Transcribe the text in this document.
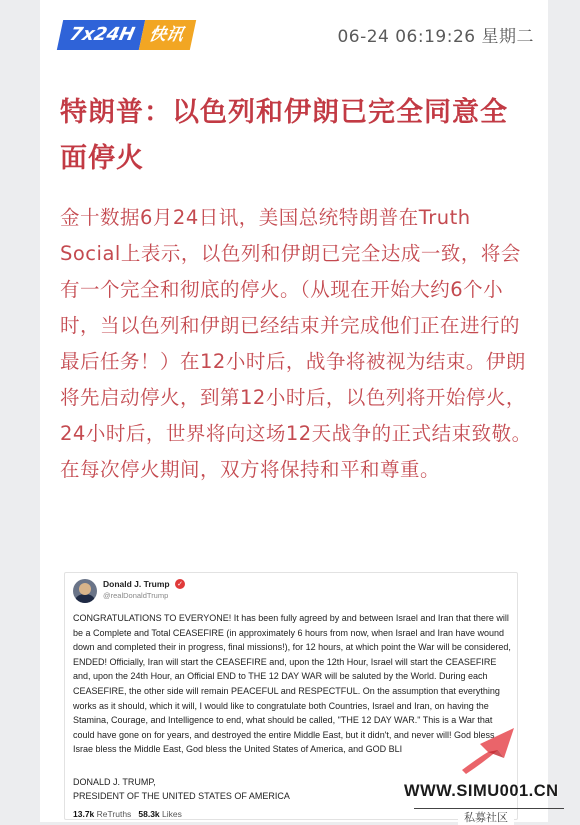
7x24H 快讯	06-24 06:19:26 星期二
特朗普：以色列和伊朗已完全同意全面停火

金十数据6月24日讯，美国总统特朗普在Truth Social上表示，以色列和伊朗已完全达成一致，将会有一个完全和彻底的停火。（从现在开始大约6个小时，当以色列和伊朗已经结束并完成他们正在进行的最后任务！）在12小时后，战争将被视为结束。伊朗将先启动停火，到第12小时后，以色列将开始停火，24小时后，世界将向这场12天战争的正式结束致敬。在每次停火期间，双方将保持和平和尊重。

Donald J. Trump ✓
@realDonaldTrump

CONGRATULATIONS TO EVERYONE! It has been fully agreed by and between Israel and Iran that there will be a Complete and Total CEASEFIRE (in approximately 6 hours from now, when Israel and Iran have wound down and completed their in progress, final missions!), for 12 hours, at which point the War will be considered, ENDED! Officially, Iran will start the CEASEFIRE and, upon the 12th Hour, Israel will start the CEASEFIRE and, upon the 24th Hour, an Official END to THE 12 DAY WAR will be saluted by the World. During each CEASEFIRE, the other side will remain PEACEFUL and RESPECTFUL. On the assumption that everything works as it should, which it will, I would like to congratulate both Countries, Israel and Iran, on having the Stamina, Courage, and Intelligence to end, what should be called, "THE 12 DAY WAR." This is a War that could have gone on for years, and destroyed the entire Middle East, but it didn't, and never will! God bless Israe bless the Middle East, God bless the United States of America, and GOD BLI

DONALD J. TRUMP,
PRESIDENT OF THE UNITED STATES OF AMERICA
13.7k ReTruths 58.3k Likes
WWW.SIMU001.CN
私募社区
